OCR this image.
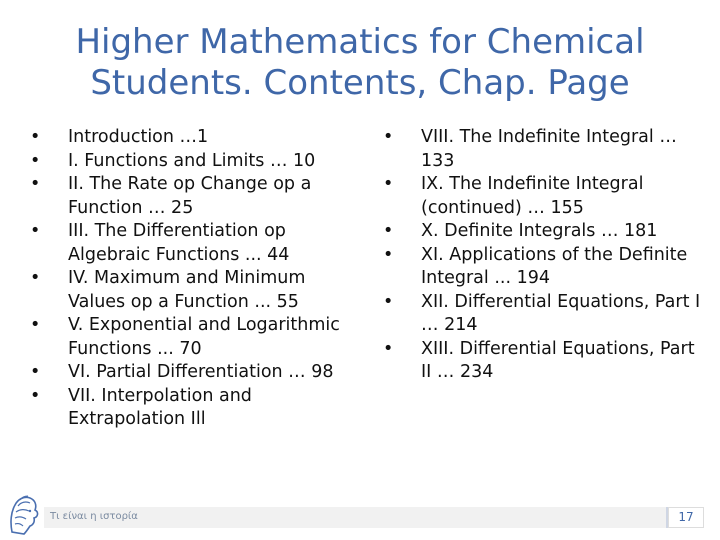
Higher Mathematics for Chemical Students. Contents, Chap. Page
•	Introduction …1
•	I. Functions and Limits … 10
•	II. The Rate op Change op a Function … 25
•	III. The Differentiation op Algebraic Functions ... 44
•	IV. Maximum and Minimum Values op a Function ... 55
•	V. Exponential and Logarithmic Functions ... 70
•	VI. Partial Differentiation … 98
•	VII. Interpolation and Extrapolation Ill
•	VIII. The Indefinite Integral … 133
•	IX. The Indefinite Integral (continued) … 155
•	X. Definite Integrals … 181
•	XI. Applications of the Definite Integral ... 194
•	XII. Differential Equations, Part I … 214
•	XIII. Differential Equations, Part II … 234
Τι είναι η ιστορία	17
